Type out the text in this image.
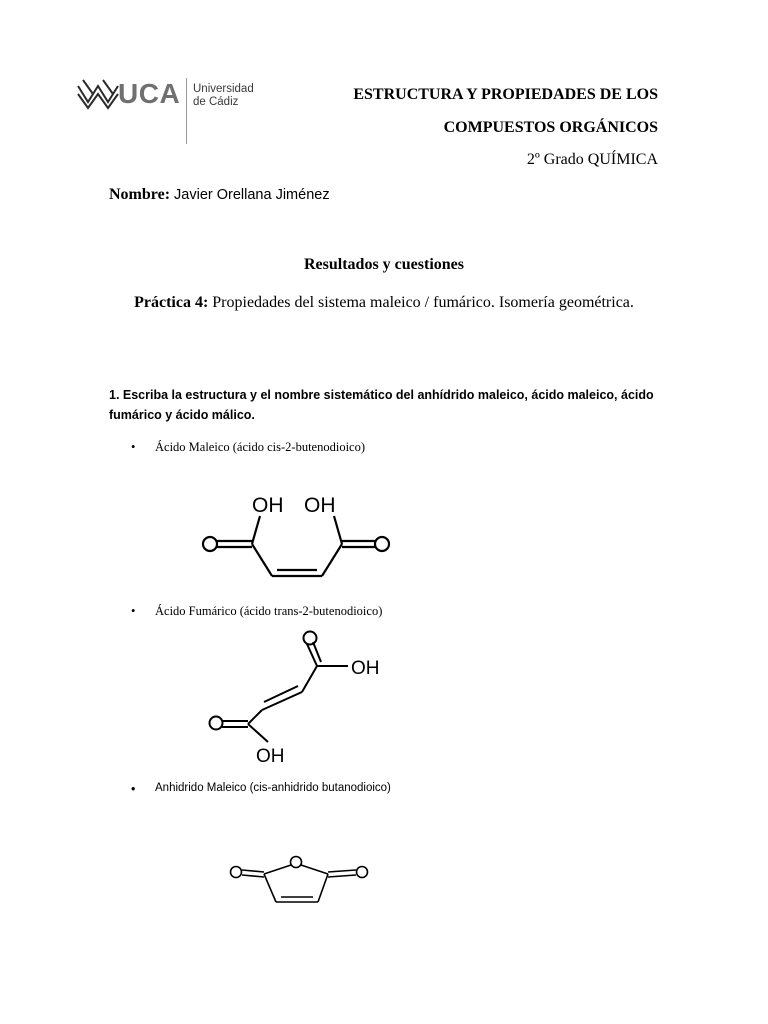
UCA Universidad
de Cádiz	ESTRUCTURA Y PROPIEDADES DE LOS
COMPUESTOS ORGÁNICOS
2º Grado QUÍMICA
Nombre: Javier Orellana Jiménez
Resultados y cuestiones
Práctica 4: Propiedades del sistema maleico / fumárico. Isomería geométrica.
1. Escriba la estructura y el nombre sistemático del anhídrido maleico, ácido maleico, ácido fumárico y ácido málico.
• Ácido Maleico (ácido cis-2-butenodioico)
OH OH
• Ácido Fumárico (ácido trans-2-butenodioico)
OH
OH
• Anhidrido Maleico (cis-anhidrido butanodioico)
